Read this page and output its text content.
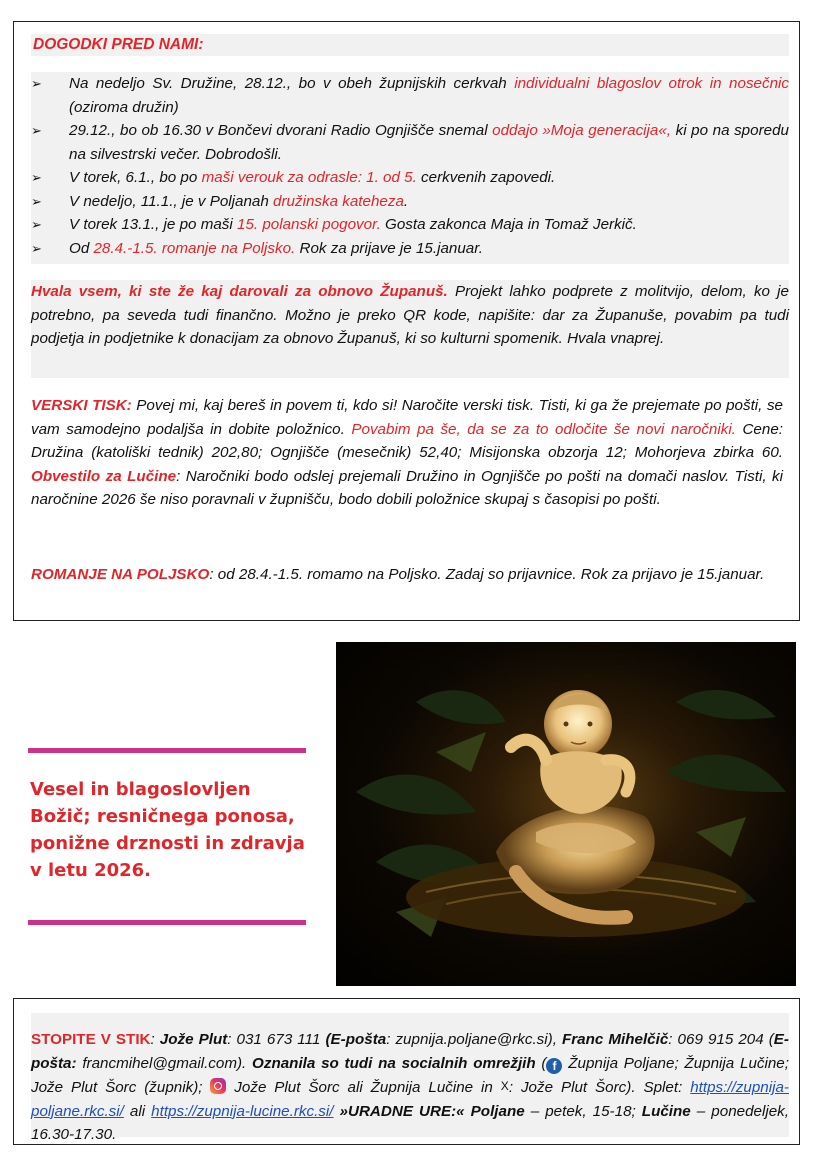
DOGODKI PRED NAMI:
➢	Na nedeljo Sv. Družine, 28.12., bo v obeh župnijskih cerkvah individualni blagoslov otrok in nosečnic (oziroma družin)
➢	29.12., bo ob 16.30 v Bončevi dvorani Radio Ognjišče snemal oddajo »Moja generacija«, ki po na sporedu na silvestrski večer. Dobrodošli.
➢	V torek, 6.1., bo po maši verouk za odrasle: 1. od 5. cerkvenih zapovedi.
➢	V nedeljo, 11.1., je v Poljanah družinska kateheza.
➢	V torek 13.1., je po maši 15. polanski pogovor. Gosta zakonca Maja in Tomaž Jerkič.
➢	Od 28.4.-1.5. romanje na Poljsko. Rok za prijave je 15.januar.

Hvala vsem, ki ste že kaj darovali za obnovo Županuš. Projekt lahko podprete z molitvijo, delom, ko je potrebno, pa seveda tudi finančno. Možno je preko QR kode, napišite: dar za Županuše, povabim pa tudi podjetja in podjetnike k donacijam za obnovo Županuš, ki so kulturni spomenik. Hvala vnaprej.

VERSKI TISK: Povej mi, kaj bereš in povem ti, kdo si! Naročite verski tisk. Tisti, ki ga že prejemate po pošti, se vam samodejno podaljša in dobite položnico. Povabim pa še, da se za to odločite še novi naročniki. Cene: Družina (katoliški tednik) 202,80; Ognjišče (mesečnik) 52,40; Misijonska obzorja 12; Mohorjeva zbirka 60. Obvestilo za Lučine: Naročniki bodo odslej prejemali Družino in Ognjišče po pošti na domači naslov. Tisti, ki naročnine 2026 še niso poravnali v župnišču, bodo dobili položnice skupaj s časopisi po pošti.

ROMANJE NA POLJSKO: od 28.4.-1.5. romamo na Poljsko. Zadaj so prijavnice. Rok za prijavo je 15.januar.

Vesel in blagoslovljen Božič; resničnega ponosa, ponižne drznosti in zdravja v letu 2026.

STOPITE V STIK: Jože Plut: 031 673 111 (E-pošta: zupnija.poljane@rkc.si), Franc Mihelčič: 069 915 204 (E-pošta: francmihel@gmail.com). Oznanila so tudi na socialnih omrežjih ( f Župnija Poljane; Župnija Lučine; Jože Plut Šorc (župnik);  Jože Plut Šorc ali Župnija Lučine in X: Jože Plut Šorc). Splet: https://zupnija-poljane.rkc.si/ ali https://zupnija-lucine.rkc.si/ »URADNE URE:« Poljane – petek, 15-18; Lučine – ponedeljek, 16.30-17.30.
